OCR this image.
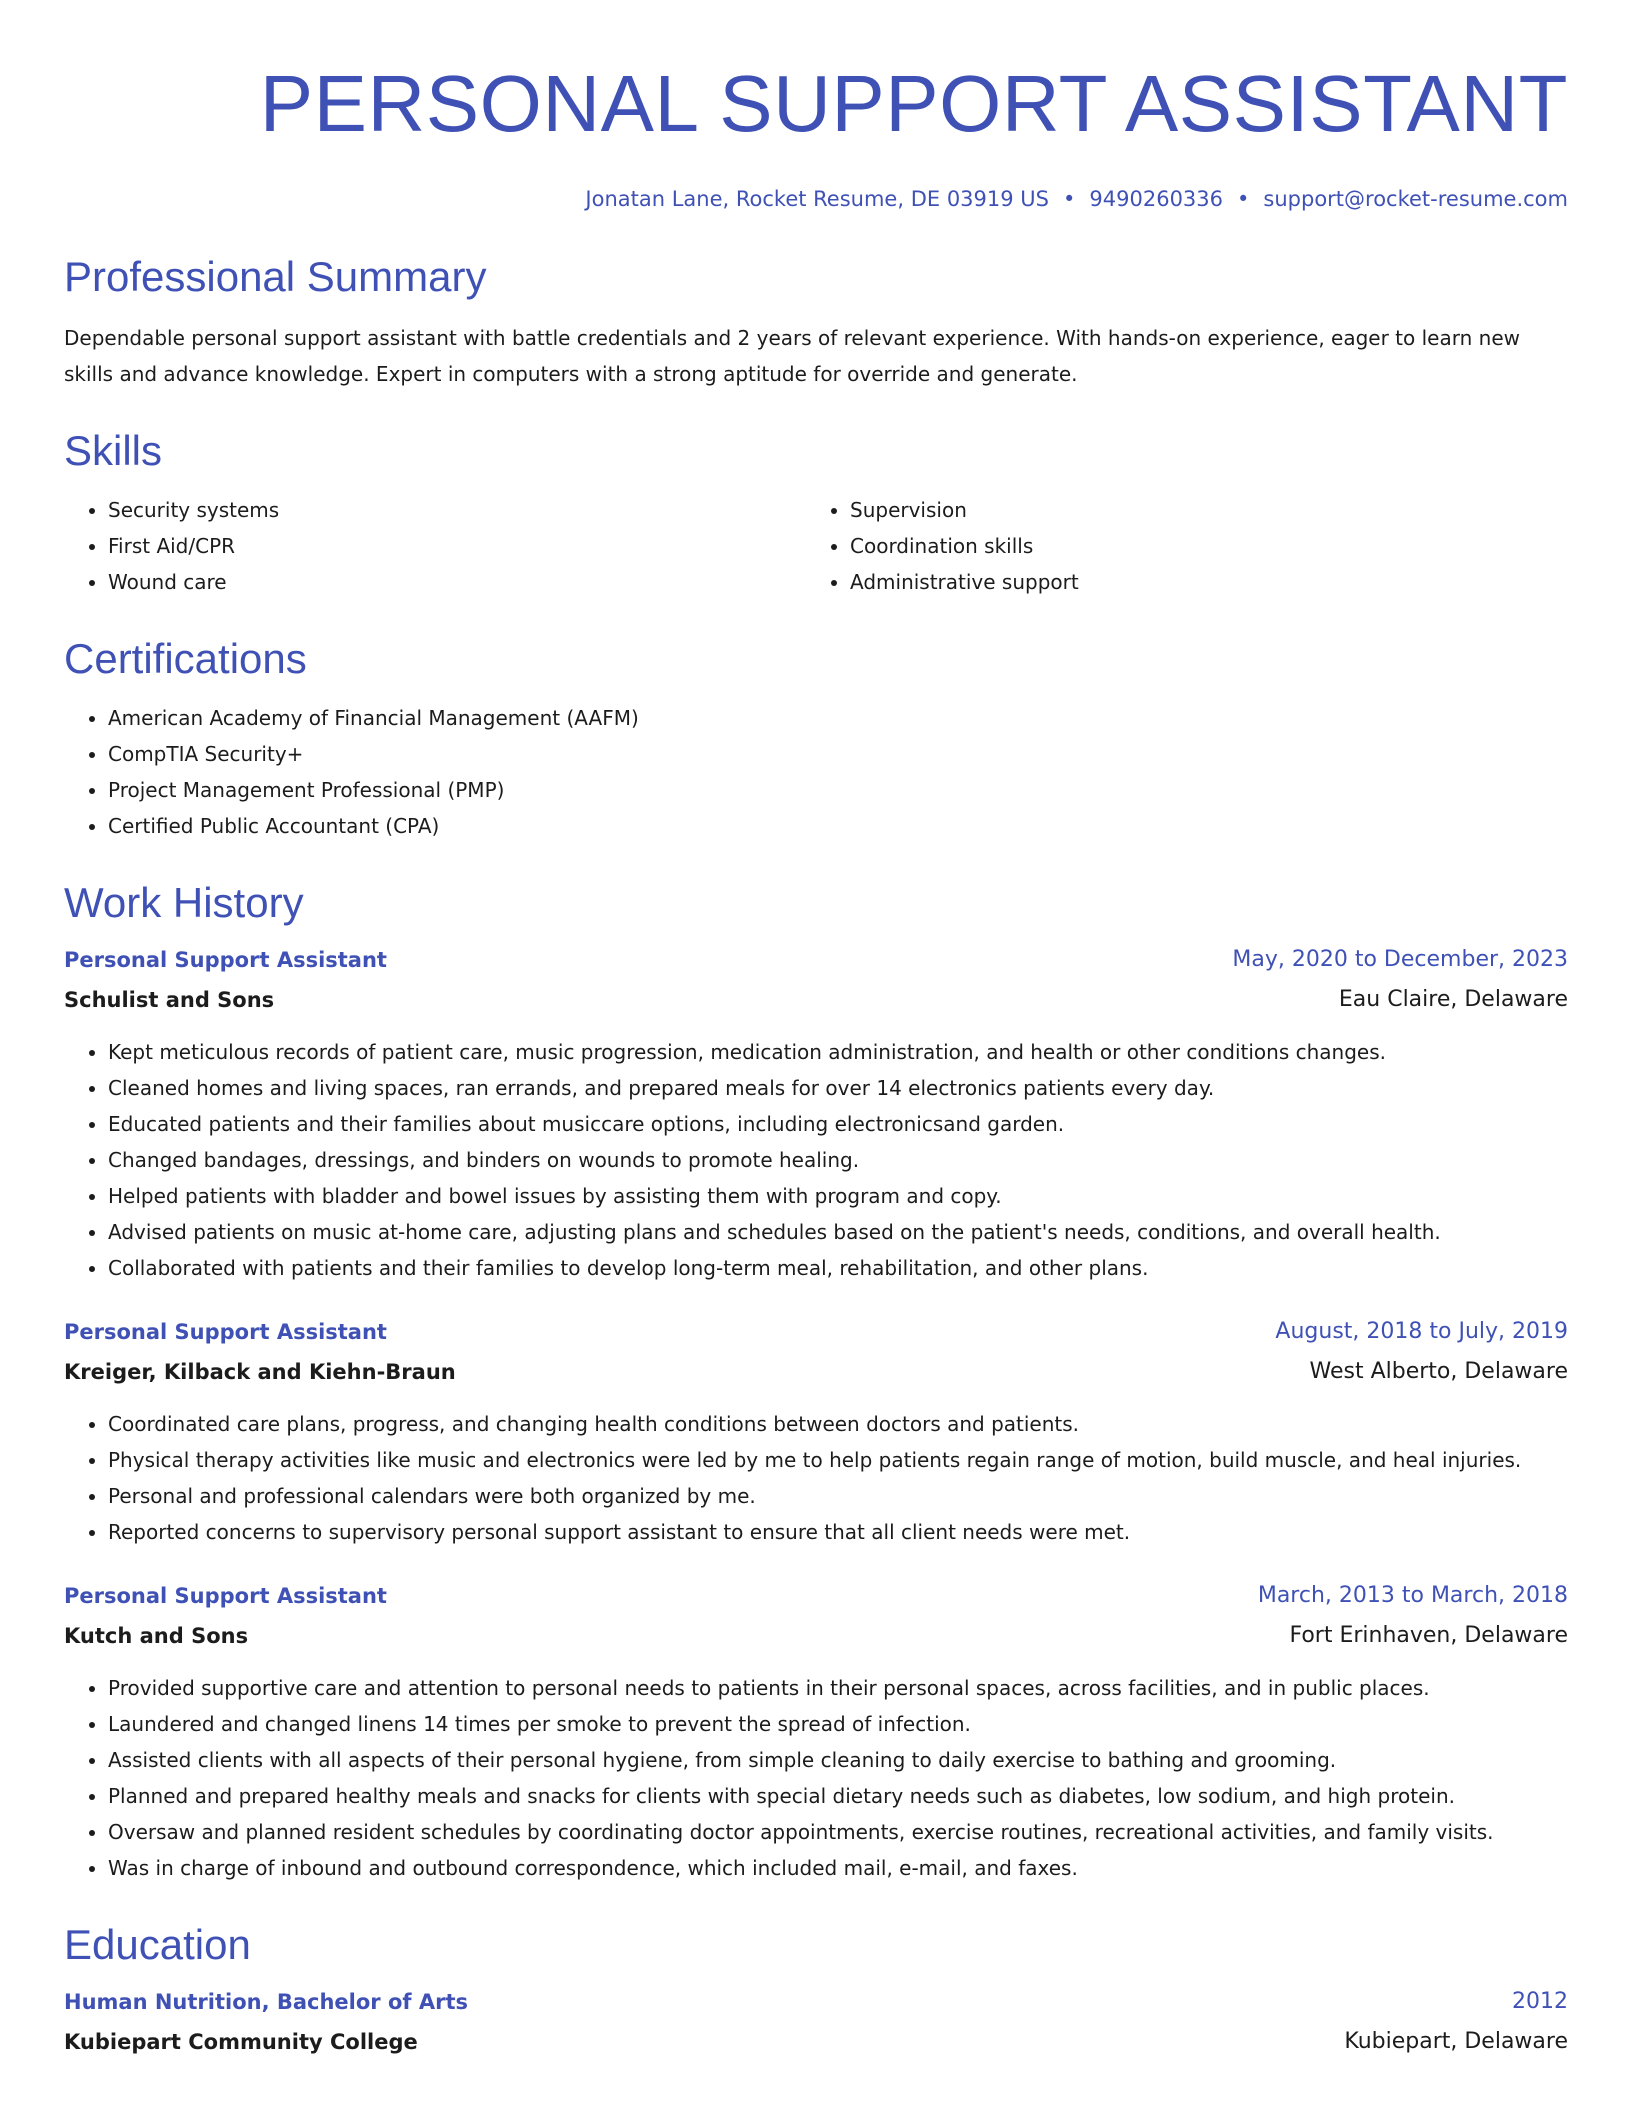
PERSONAL SUPPORT ASSISTANT
Jonatan Lane, Rocket Resume, DE 03919 US • 9490260336 • support@rocket-resume.com
Professional Summary

Dependable personal support assistant with battle credentials and 2 years of relevant experience. With hands-on experience, eager to learn new skills and advance knowledge. Expert in computers with a strong aptitude for override and generate.

Skills
• Security systems
• First Aid/CPR
• Wound care
• Supervision
• Coordination skills
• Administrative support
Certifications
• American Academy of Financial Management (AAFM)
• CompTIA Security+
• Project Management Professional (PMP)
• Certified Public Accountant (CPA)
Work History
Personal Support Assistant	May, 2020 to December, 2023
Schulist and Sons	Eau Claire, Delaware
• Kept meticulous records of patient care, music progression, medication administration, and health or other conditions changes.
• Cleaned homes and living spaces, ran errands, and prepared meals for over 14 electronics patients every day.
• Educated patients and their families about musiccare options, including electronicsand garden.
• Changed bandages, dressings, and binders on wounds to promote healing.
• Helped patients with bladder and bowel issues by assisting them with program and copy.
• Advised patients on music at-home care, adjusting plans and schedules based on the patient's needs, conditions, and overall health.
• Collaborated with patients and their families to develop long-term meal, rehabilitation, and other plans.
Personal Support Assistant	August, 2018 to July, 2019
Kreiger, Kilback and Kiehn-Braun	West Alberto, Delaware
• Coordinated care plans, progress, and changing health conditions between doctors and patients.
• Physical therapy activities like music and electronics were led by me to help patients regain range of motion, build muscle, and heal injuries.
• Personal and professional calendars were both organized by me.
• Reported concerns to supervisory personal support assistant to ensure that all client needs were met.
Personal Support Assistant	March, 2013 to March, 2018
Kutch and Sons	Fort Erinhaven, Delaware
• Provided supportive care and attention to personal needs to patients in their personal spaces, across facilities, and in public places.
• Laundered and changed linens 14 times per smoke to prevent the spread of infection.
• Assisted clients with all aspects of their personal hygiene, from simple cleaning to daily exercise to bathing and grooming.
• Planned and prepared healthy meals and snacks for clients with special dietary needs such as diabetes, low sodium, and high protein.
• Oversaw and planned resident schedules by coordinating doctor appointments, exercise routines, recreational activities, and family visits.
• Was in charge of inbound and outbound correspondence, which included mail, e-mail, and faxes.
Education
Human Nutrition, Bachelor of Arts	2012
Kubiepart Community College	Kubiepart, Delaware
